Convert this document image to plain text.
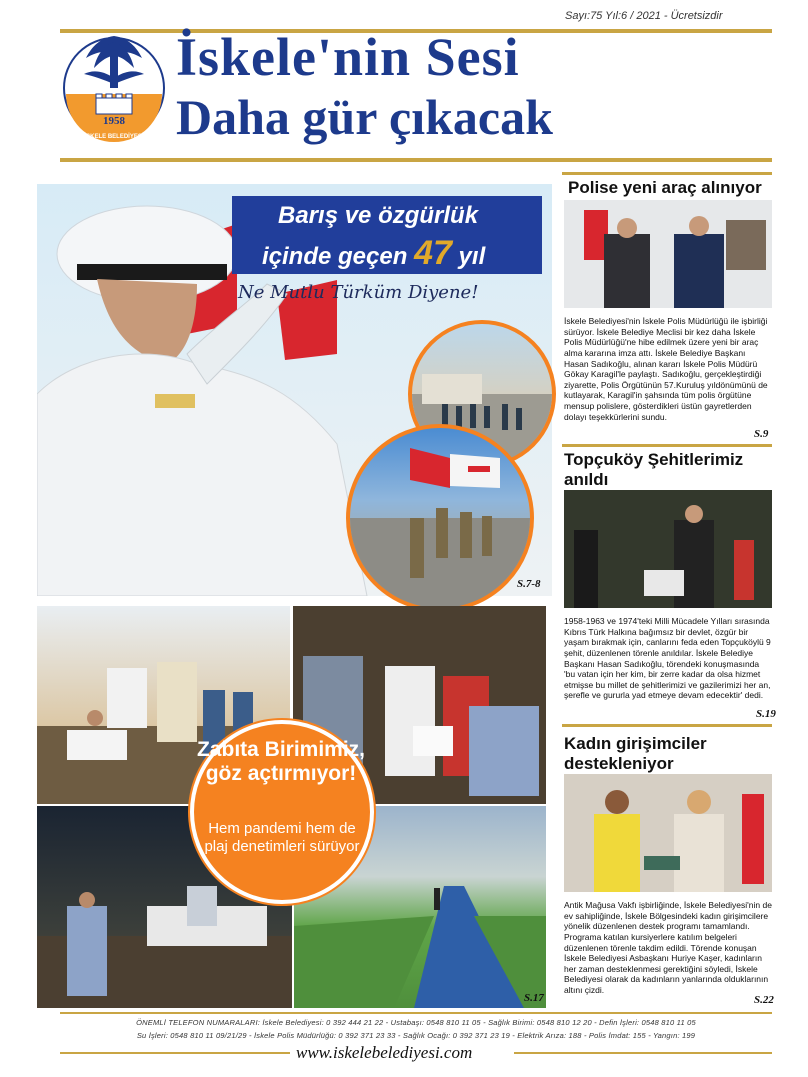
Sayı:75 Yıl:6 / 2021 - Ücretsizdir
1958
İSKELE BELEDİYESİ
İskele'nin Sesi
Daha gür çıkacak
Barış ve özgürlük
içinde geçen 47 yıl
Ne Mutlu Türküm Diyene!
S.7-8
Zabıta Birimimiz, göz açtırmıyor!
Hem pandemi hem de plaj denetimleri sürüyor
S.17
Polise yeni araç alınıyor
İskele Belediyesi'nin İskele Polis Müdürlüğü ile işbirliği sürüyor. İskele Belediye Meclisi bir kez daha İskele Polis Müdürlüğü'ne hibe edilmek üzere yeni bir araç alma kararına imza attı. İskele Belediye Başkanı Hasan Sadıkoğlu, alınan kararı İskele Polis Müdürü Gökay Karagil'le paylaştı. Sadıkoğlu, gerçekleştirdiği ziyarette, Polis Örgütünün 57.Kuruluş yıldönümünü de kutlayarak, Karagil'in şahsında tüm polis örgütüne mensup polislere, gösterdikleri üstün gayretlerden dolayı teşekkürlerini sundu.
S.9
Topçuköy Şehitlerimiz anıldı
1958-1963 ve 1974'teki Milli Mücadele Yılları sırasında Kıbrıs Türk Halkına bağımsız bir devlet, özgür bir yaşam bırakmak için, canlarını feda eden Topçuköylü 9 şehit, düzenlenen törenle anıldılar. İskele Belediye Başkanı Hasan Sadıkoğlu, törendeki konuşmasında 'bu vatan için her kim, bir zerre kadar da olsa hizmet etmişse bu millet de şehitlerimizi ve gazilerimizi her an, şerefle ve gururla yad etmeye devam edecektir' dedi.
S.19
Kadın girişimciler destekleniyor
Antik Mağusa Vakfı işbirliğinde, İskele Belediyesi'nin de ev sahipliğinde, İskele Bölgesindeki kadın girişimcilere yönelik düzenlenen destek programı tamamlandı. Programa katılan kursiyerlere katılım belgeleri düzenlenen törenle takdim edildi. Törende konuşan İskele Belediyesi Asbaşkanı Huriye Kaşer, kadınların her zaman desteklenmesi gerektiğini söyledi, İskele Belediyesi olarak da kadınların yanlarında olduklarının altını çizdi.
S.22
ÖNEMLİ TELEFON NUMARALARI: İskele Belediyesi: 0 392 444 21 22 - Ustabaşı: 0548 810 11 05 - Sağlık Birimi: 0548 810 12 20 - Defin İşleri: 0548 810 11 05
Su İşleri: 0548 810 11 09/21/29 - İskele Polis Müdürlüğü: 0 392 371 23 33 - Sağlık Ocağı: 0 392 371 23 19 - Elektrik Arıza: 188 - Polis İmdat: 155 - Yangın: 199
www.iskelebelediyesi.com
